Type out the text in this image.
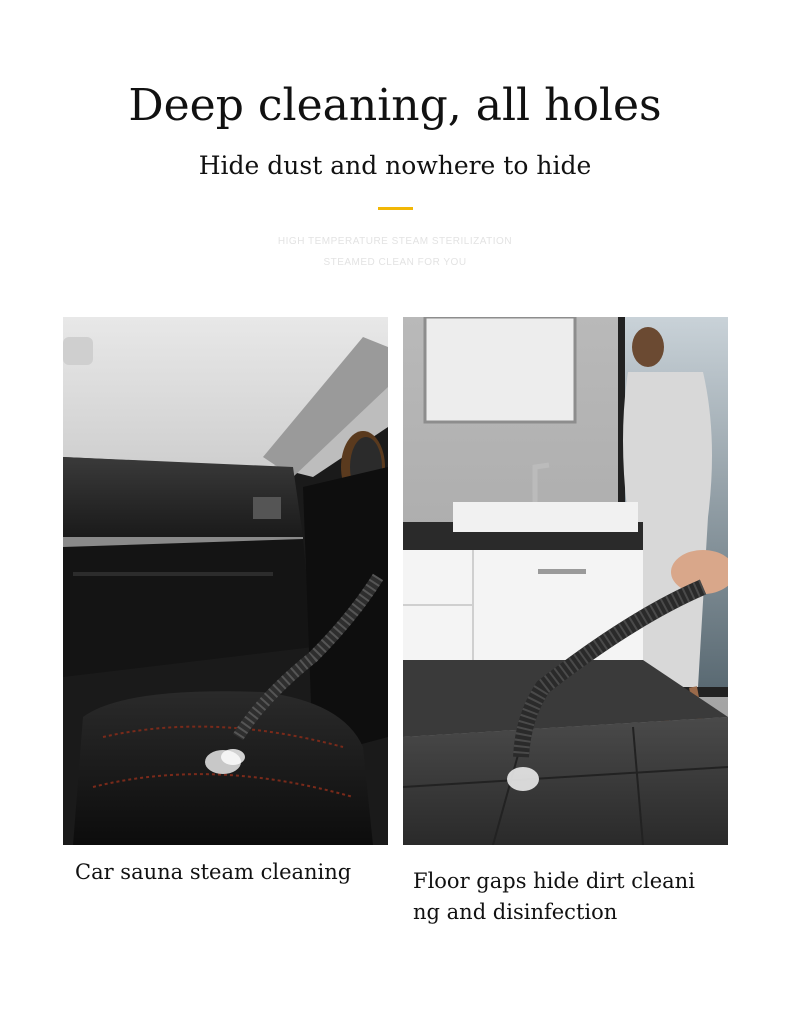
Deep cleaning, all holes
Hide dust and nowhere to hide
HIGH TEMPERATURE STEAM STERILIZATION
STEAMED CLEAN FOR YOU
Car sauna steam cleaning	Floor gaps hide dirt cleani
ng and disinfection
